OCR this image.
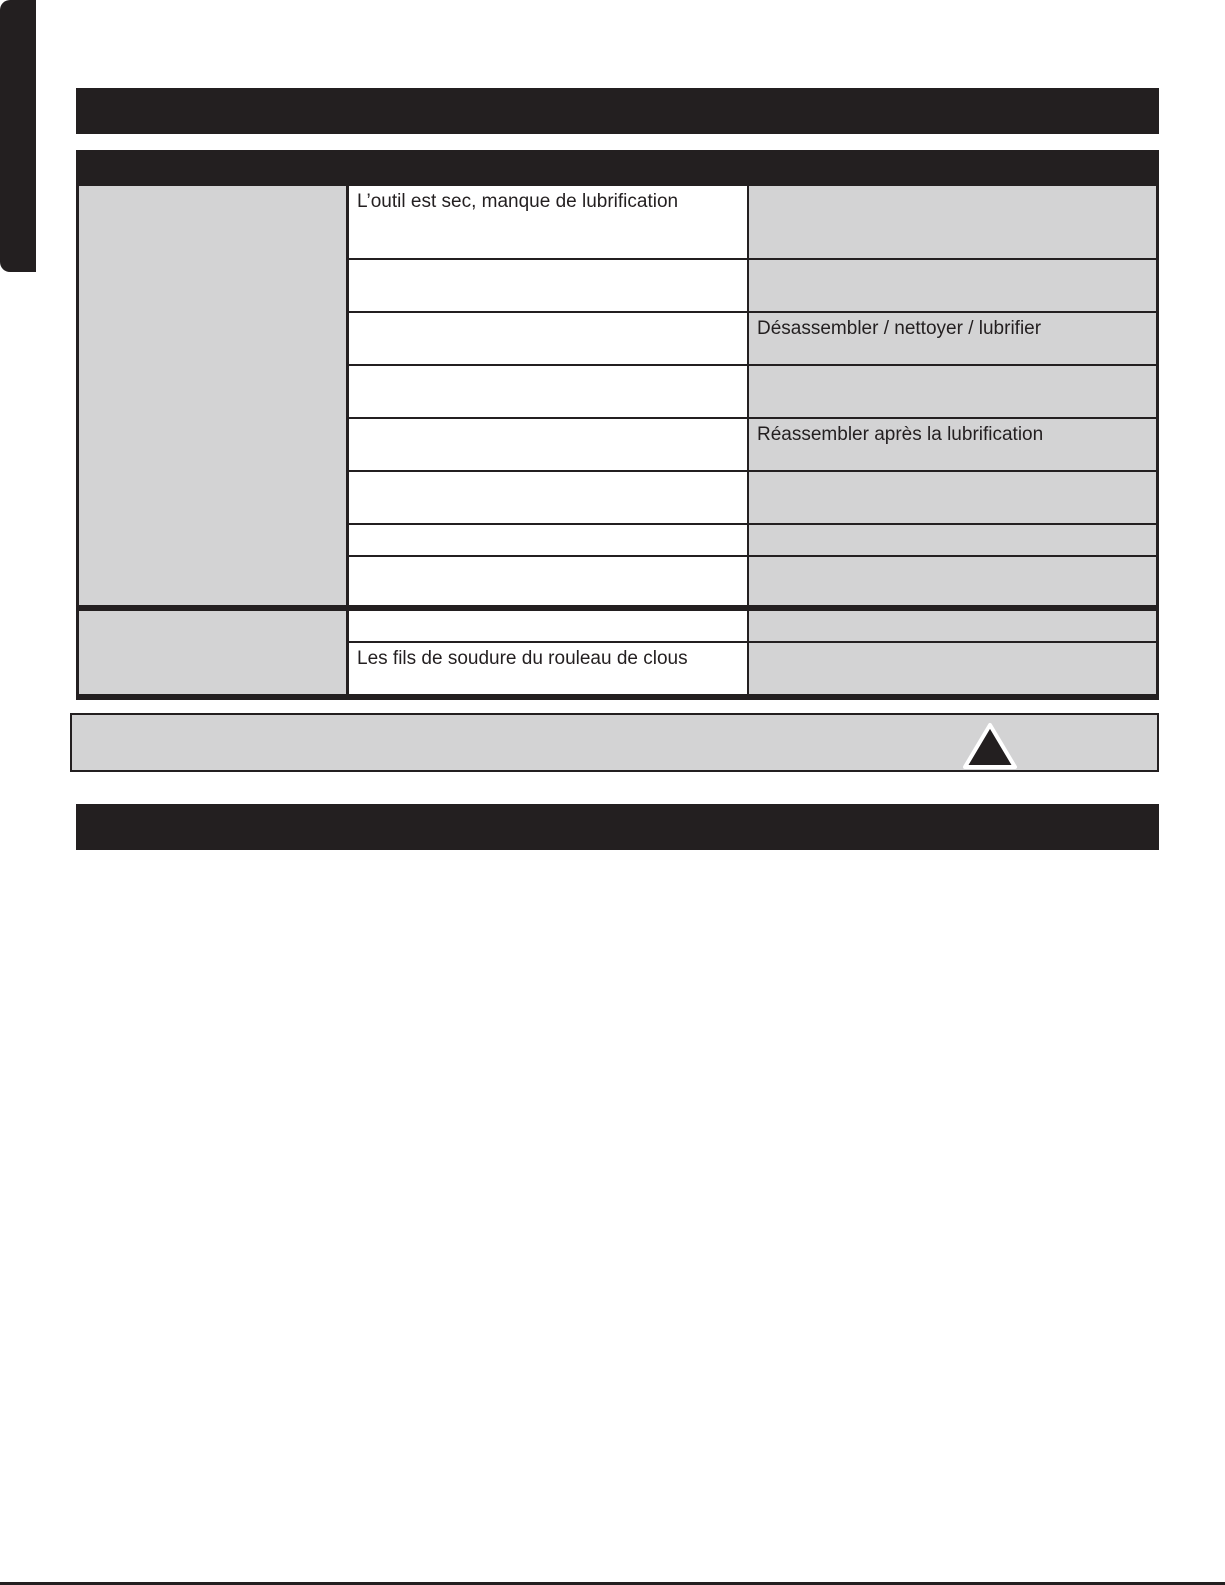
L’outil est sec, manque de lubrification
Les fils de soudure du rouleau de clous
Désassembler / nettoyer / lubrifier
Réassembler après la lubrification
